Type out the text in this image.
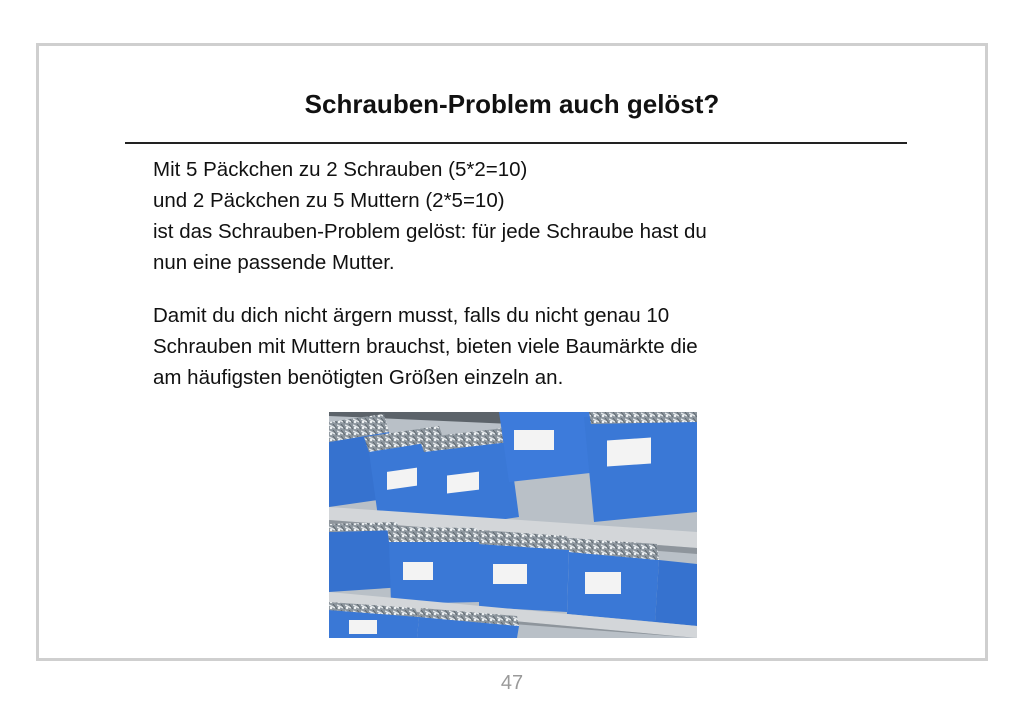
Schrauben-Problem auch gelöst?

Mit 5 Päckchen zu 2 Schrauben (5*2=10)
und 2 Päckchen zu 5 Muttern (2*5=10)
ist das Schrauben-Problem gelöst: für jede Schraube hast du
nun eine passende Mutter.

Damit du dich nicht ärgern musst, falls du nicht genau 10
Schrauben mit Muttern brauchst, bieten viele Baumärkte die
am häufigsten benötigten Größen einzeln an.

47
